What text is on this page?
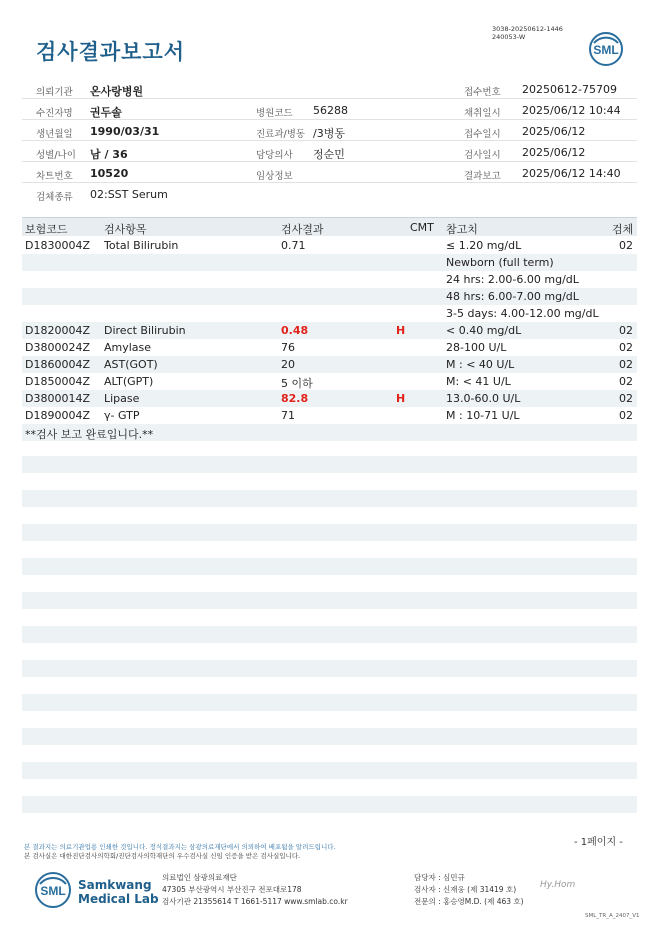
검사결과보고서
3038-20250612-1446
240053-W
SML
의뢰기관 온사랑병원	접수번호 20250612-75709
수진자명 권두솔	병원코드 56288	채취일시 2025/06/12 10:44
생년월일 1990/03/31	진료과/병동 /3병동	접수일시 2025/06/12
성별/나이 남 / 36	담당의사 정순민	검사일시 2025/06/12
차트번호 10520	임상정보	결과보고 2025/06/12 14:40
검체종류 02:SST Serum
보험코드	검사항목	검사결과	CMT 참고치	검체
D1830004Z Total Bilirubin	0.71	≤ 1.20 mg/dL	02
Newborn (full term)
24 hrs: 2.00-6.00 mg/dL
48 hrs: 6.00-7.00 mg/dL
3-5 days: 4.00-12.00 mg/dL
D1820004Z Direct Bilirubin	0.48	H	< 0.40 mg/dL	02
D3800024Z Amylase	76	28-100 U/L	02
D1860004Z AST(GOT)	20	M : < 40 U/L	02
D1850004Z ALT(GPT)	5 이하	M: < 41 U/L	02
D3800014Z Lipase	82.8	H	13.0-60.0 U/L	02
D1890004Z γ- GTP	71	M : 10-71 U/L	02
**검사 보고 완료입니다.**
- 1페이지 -
본 결과지는 의료기관업용 인쇄한 것입니다. 정식결과지는 삼광의료재단에서 의뢰하여 배포됨을 알려드립니다.
본 검사실은 대한진단검사의학회/진단검사의학재단의 우수검사실 신임 인증을 받은 검사실입니다.
SML Samkwang
Medical Lab
의료법인 삼광의료재단
47305 부산광역시 부산진구 전포대로178
검사기관 21355614 T 1661-5117 www.smlab.co.kr
담당자 : 심민규
검사자 : 신재웅 (제 31419 호)
전문의 : 홍승영M.D. (제 463 호)
Hy.Hom
SML_TR_A_2407_V1
